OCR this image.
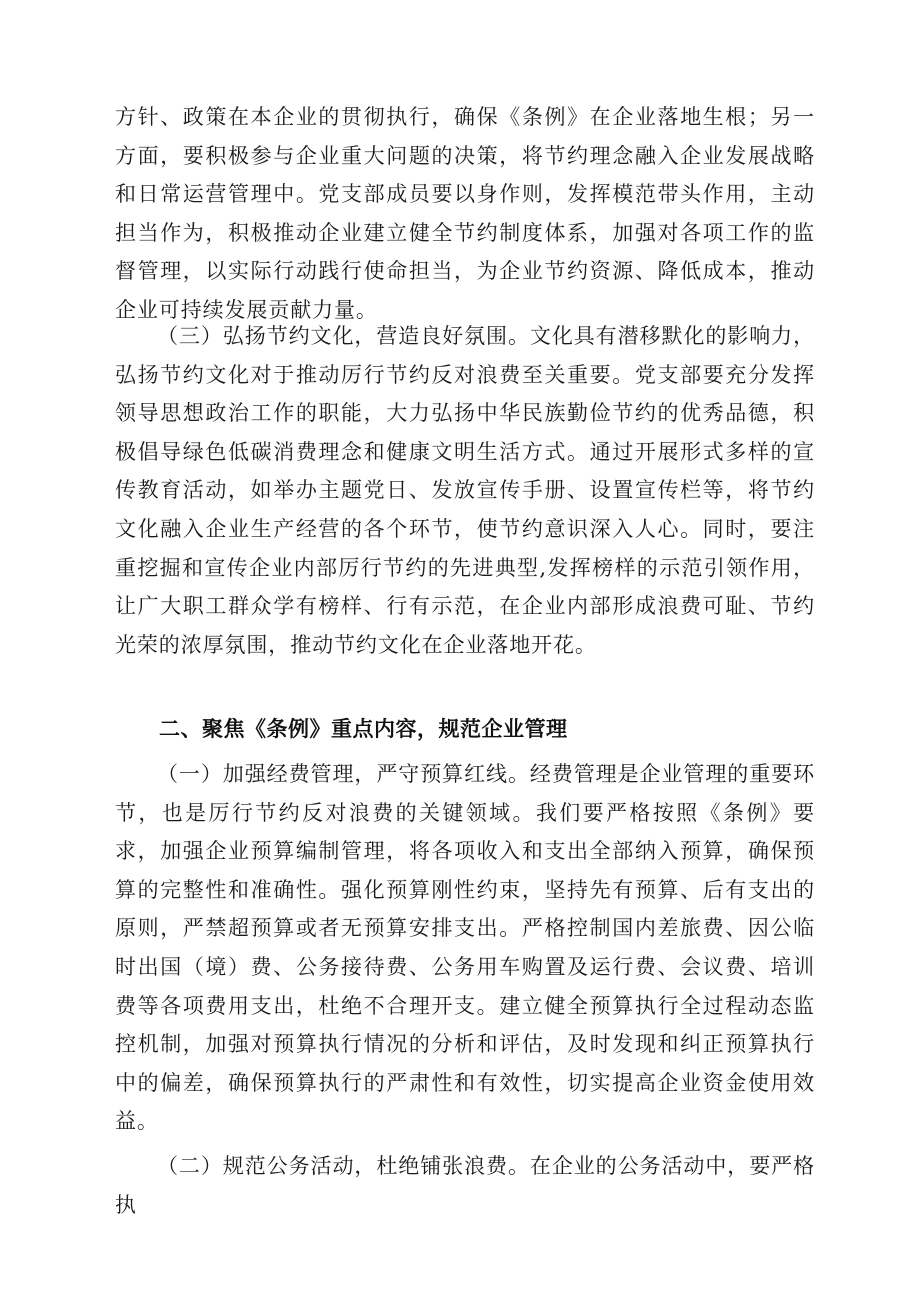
方针、政策在本企业的贯彻执行，确保《条例》在企业落地生根；另一方面，要积极参与企业重大问题的决策，将节约理念融入企业发展战略和日常运营管理中。党支部成员要以身作则，发挥模范带头作用，主动担当作为，积极推动企业建立健全节约制度体系，加强对各项工作的监督管理，以实际行动践行使命担当，为企业节约资源、降低成本，推动企业可持续发展贡献力量。

（三）弘扬节约文化，营造良好氛围。文化具有潜移默化的影响力，弘扬节约文化对于推动厉行节约反对浪费至关重要。党支部要充分发挥领导思想政治工作的职能，大力弘扬中华民族勤俭节约的优秀品德，积极倡导绿色低碳消费理念和健康文明生活方式。通过开展形式多样的宣传教育活动，如举办主题党日、发放宣传手册、设置宣传栏等，将节约文化融入企业生产经营的各个环节，使节约意识深入人心。同时，要注重挖掘和宣传企业内部厉行节约的先进典型,发挥榜样的示范引领作用，让广大职工群众学有榜样、行有示范，在企业内部形成浪费可耻、节约光荣的浓厚氛围，推动节约文化在企业落地开花。

二、聚焦《条例》重点内容，规范企业管理

（一）加强经费管理，严守预算红线。经费管理是企业管理的重要环节，也是厉行节约反对浪费的关键领域。我们要严格按照《条例》要求，加强企业预算编制管理，将各项收入和支出全部纳入预算，确保预算的完整性和准确性。强化预算刚性约束，坚持先有预算、后有支出的原则，严禁超预算或者无预算安排支出。严格控制国内差旅费、因公临时出国（境）费、公务接待费、公务用车购置及运行费、会议费、培训费等各项费用支出，杜绝不合理开支。建立健全预算执行全过程动态监控机制，加强对预算执行情况的分析和评估，及时发现和纠正预算执行中的偏差，确保预算执行的严肃性和有效性，切实提高企业资金使用效益。

（二）规范公务活动，杜绝铺张浪费。在企业的公务活动中，要严格执
